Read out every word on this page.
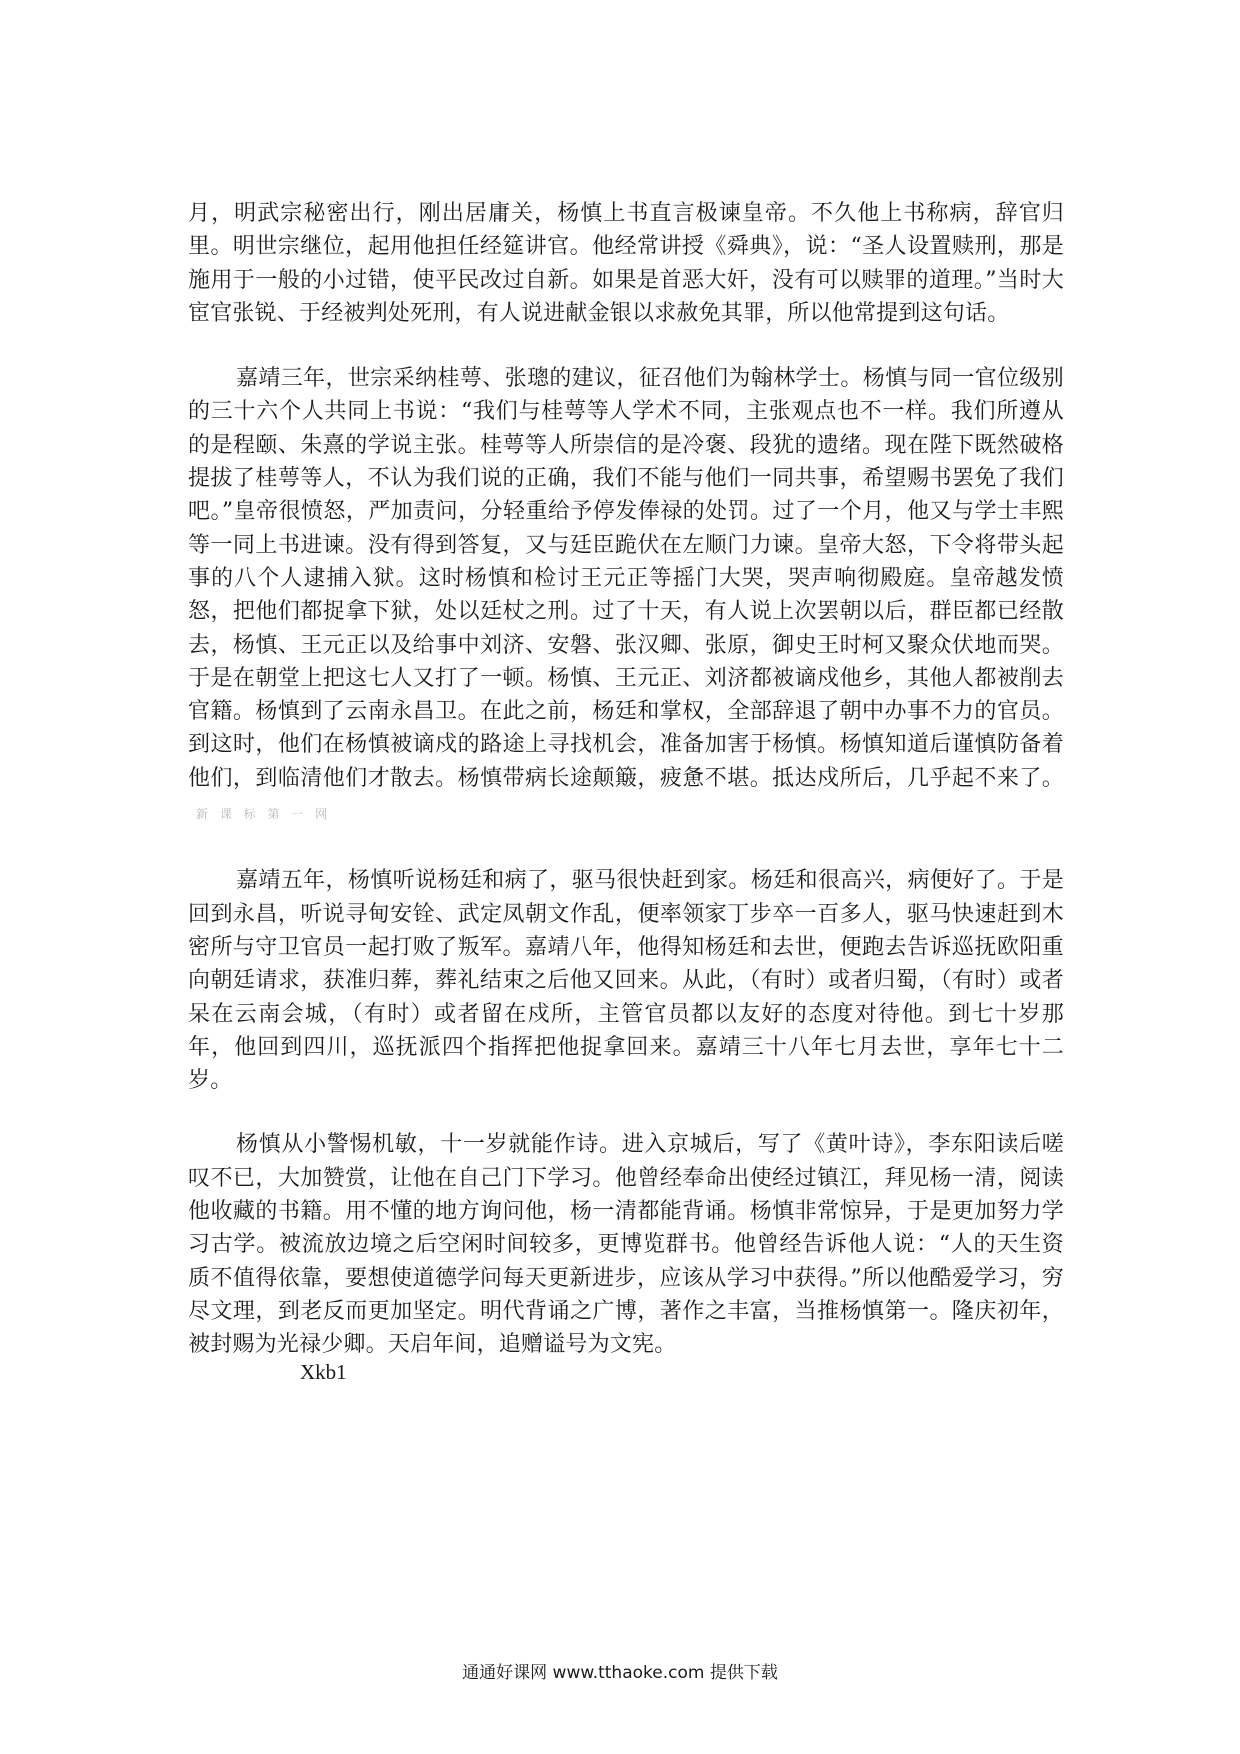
月，明武宗秘密出行，刚出居庸关，杨慎上书直言极谏皇帝。不久他上书称病，辞官归里。明世宗继位，起用他担任经筵讲官。他经常讲授《舜典》，说：“圣人设置赎刑，那是施用于一般的小过错，使平民改过自新。如果是首恶大奸，没有可以赎罪的道理。”当时大宦官张锐、于经被判处死刑，有人说进献金银以求赦免其罪，所以他常提到这句话。

嘉靖三年，世宗采纳桂萼、张璁的建议，征召他们为翰林学士。杨慎与同一官位级别的三十六个人共同上书说：“我们与桂萼等人学术不同，主张观点也不一样。我们所遵从的是程颐、朱熹的学说主张。桂萼等人所崇信的是冷褒、段犹的遗绪。现在陛下既然破格提拔了桂萼等人，不认为我们说的正确，我们不能与他们一同共事，希望赐书罢免了我们吧。”皇帝很愤怒，严加责问，分轻重给予停发俸禄的处罚。过了一个月，他又与学士丰熙等一同上书进谏。没有得到答复，又与廷臣跪伏在左顺门力谏。皇帝大怒，下令将带头起事的八个人逮捕入狱。这时杨慎和检讨王元正等摇门大哭，哭声响彻殿庭。皇帝越发愤怒，把他们都捉拿下狱，处以廷杖之刑。过了十天，有人说上次罢朝以后，群臣都已经散去，杨慎、王元正以及给事中刘济、安磐、张汉卿、张原，御史王时柯又聚众伏地而哭。于是在朝堂上把这七人又打了一顿。杨慎、王元正、刘济都被谪戍他乡，其他人都被削去官籍。杨慎到了云南永昌卫。在此之前，杨廷和掌权，全部辞退了朝中办事不力的官员。到这时，他们在杨慎被谪戍的路途上寻找机会，准备加害于杨慎。杨慎知道后谨慎防备着他们，到临清他们才散去。杨慎带病长途颠簸，疲惫不堪。抵达戍所后，几乎起不来了。新 课 标 第 一 网

嘉靖五年，杨慎听说杨廷和病了，驱马很快赶到家。杨廷和很高兴，病便好了。于是回到永昌，听说寻甸安铨、武定凤朝文作乱，便率领家丁步卒一百多人，驱马快速赶到木密所与守卫官员一起打败了叛军。嘉靖八年，他得知杨廷和去世，便跑去告诉巡抚欧阳重向朝廷请求，获准归葬，葬礼结束之后他又回来。从此，（有时）或者归蜀，（有时）或者呆在云南会城，（有时）或者留在戍所，主管官员都以友好的态度对待他。到七十岁那年，他回到四川，巡抚派四个指挥把他捉拿回来。嘉靖三十八年七月去世，享年七十二岁。

杨慎从小警惕机敏，十一岁就能作诗。进入京城后，写了《黄叶诗》，李东阳读后嗟叹不已，大加赞赏，让他在自己门下学习。他曾经奉命出使经过镇江，拜见杨一清，阅读他收藏的书籍。用不懂的地方询问他，杨一清都能背诵。杨慎非常惊异，于是更加努力学习古学。被流放边境之后空闲时间较多，更博览群书。他曾经告诉他人说：“人的天生资质不值得依靠，要想使道德学问每天更新进步，应该从学习中获得。”所以他酷爱学习，穷尽文理，到老反而更加坚定。明代背诵之广博，著作之丰富，当推杨慎第一。隆庆初年，被封赐为光禄少卿。天启年间，追赠谥号为文宪。

Xkb1
通通好课网 www.tthaoke.com 提供下载
